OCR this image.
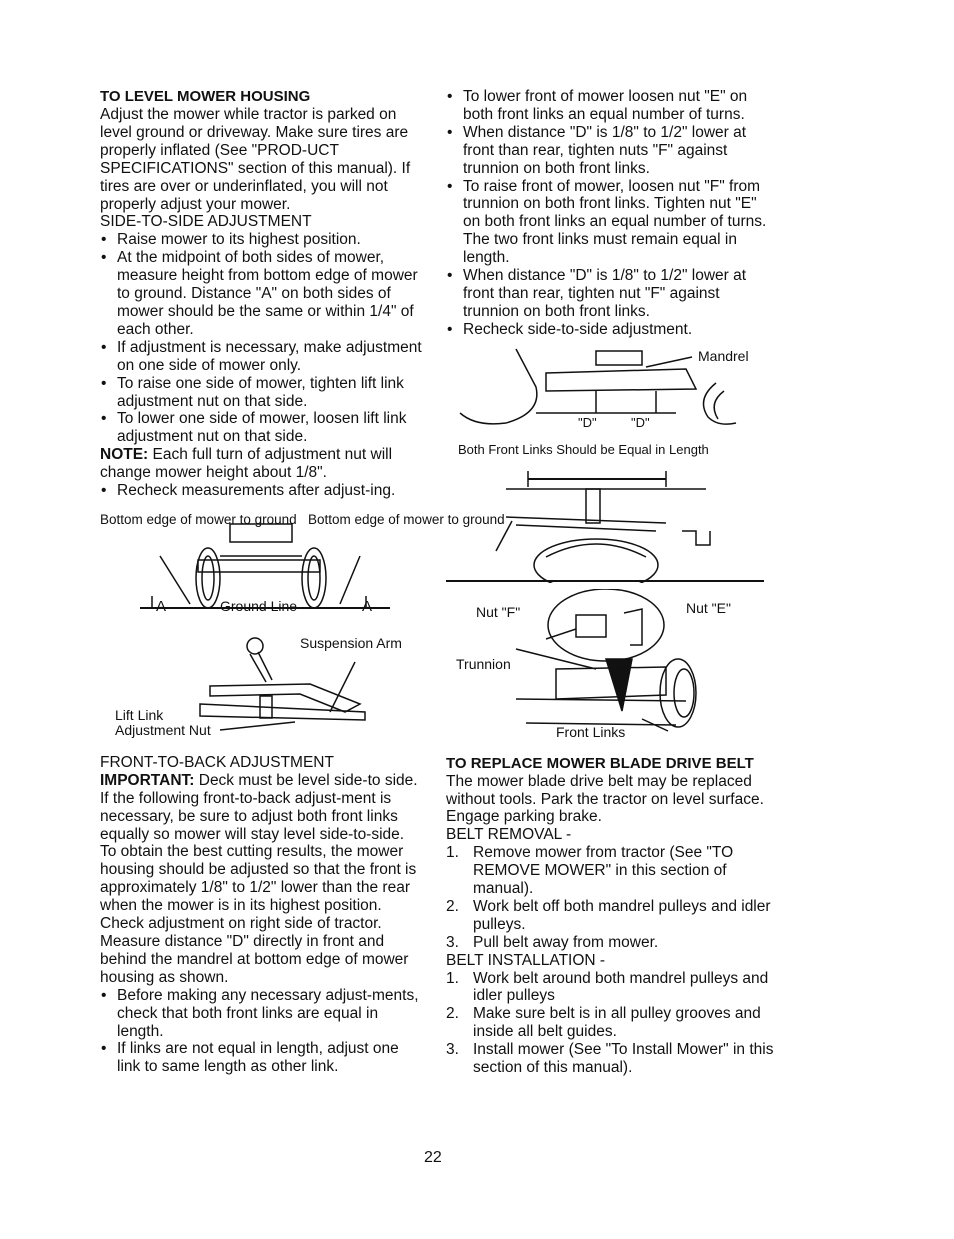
TO LEVEL MOWER HOUSING

Adjust the mower while tractor is parked on level ground or driveway. Make sure tires are properly inflated (See "PROD-UCT SPECIFICATIONS" section of this manual). If tires are over or underinflated, you will not properly adjust your mower.

SIDE-TO-SIDE ADJUSTMENT

• Raise mower to its highest position.
• At the midpoint of both sides of mower, measure height from bottom edge of mower to ground. Distance "A" on both sides of mower should be the same or within 1/4" of each other.
• If adjustment is necessary, make adjustment on one side of mower only.
• To raise one side of mower, tighten lift link adjustment nut on that side.
• To lower one side of mower, loosen lift link adjustment nut on that side.

NOTE: Each full turn of adjustment nut will change mower height about 1/8".

• Recheck measurements after adjust-ing.
Bottom edge of mower to ground Bottom edge of mower to ground
A	A
Ground Line
Suspension Arm
Lift Link Adjustment Nut

FRONT-TO-BACK ADJUSTMENT

IMPORTANT: Deck must be level side-to side. If the following front-to-back adjust-ment is necessary, be sure to adjust both front links equally so mower will stay level side-to-side.

To obtain the best cutting results, the mower housing should be adjusted so that the front is approximately 1/8" to 1/2" lower than the rear when the mower is in its highest position.

Check adjustment on right side of tractor. Measure distance "D" directly in front and behind the mandrel at bottom edge of mower housing as shown.

• Before making any necessary adjust-ments, check that both front links are equal in length.
• If links are not equal in length, adjust one link to same length as other link.
• To lower front of mower loosen nut "E" on both front links an equal number of turns.
• When distance "D" is 1/8" to 1/2" lower at front than rear, tighten nuts "F" against trunnion on both front links.
• To raise front of mower, loosen nut "F" from trunnion on both front links. Tighten nut "E" on both front links an equal number of turns. The two front links must remain equal in length.
• When distance "D" is 1/8" to 1/2" lower at front than rear, tighten nut "F" against trunnion on both front links.
• Recheck side-to-side adjustment.
Mandrel
"D"	"D"

Both Front Links Should be Equal in Length

Nut "F"	Nut "E"
Trunnion
Front Links
TO REPLACE MOWER BLADE DRIVE BELT

The mower blade drive belt may be replaced without tools. Park the tractor on level surface. Engage parking brake.

BELT REMOVAL -

1. Remove mower from tractor (See "TO REMOVE MOWER" in this section of manual).
2. Work belt off both mandrel pulleys and idler pulleys.
3. Pull belt away from mower.

BELT INSTALLATION -

1. Work belt around both mandrel pulleys and idler pulleys
2. Make sure belt is in all pulley grooves and inside all belt guides.
3. Install mower (See "To Install Mower" in this section of this manual).
22
